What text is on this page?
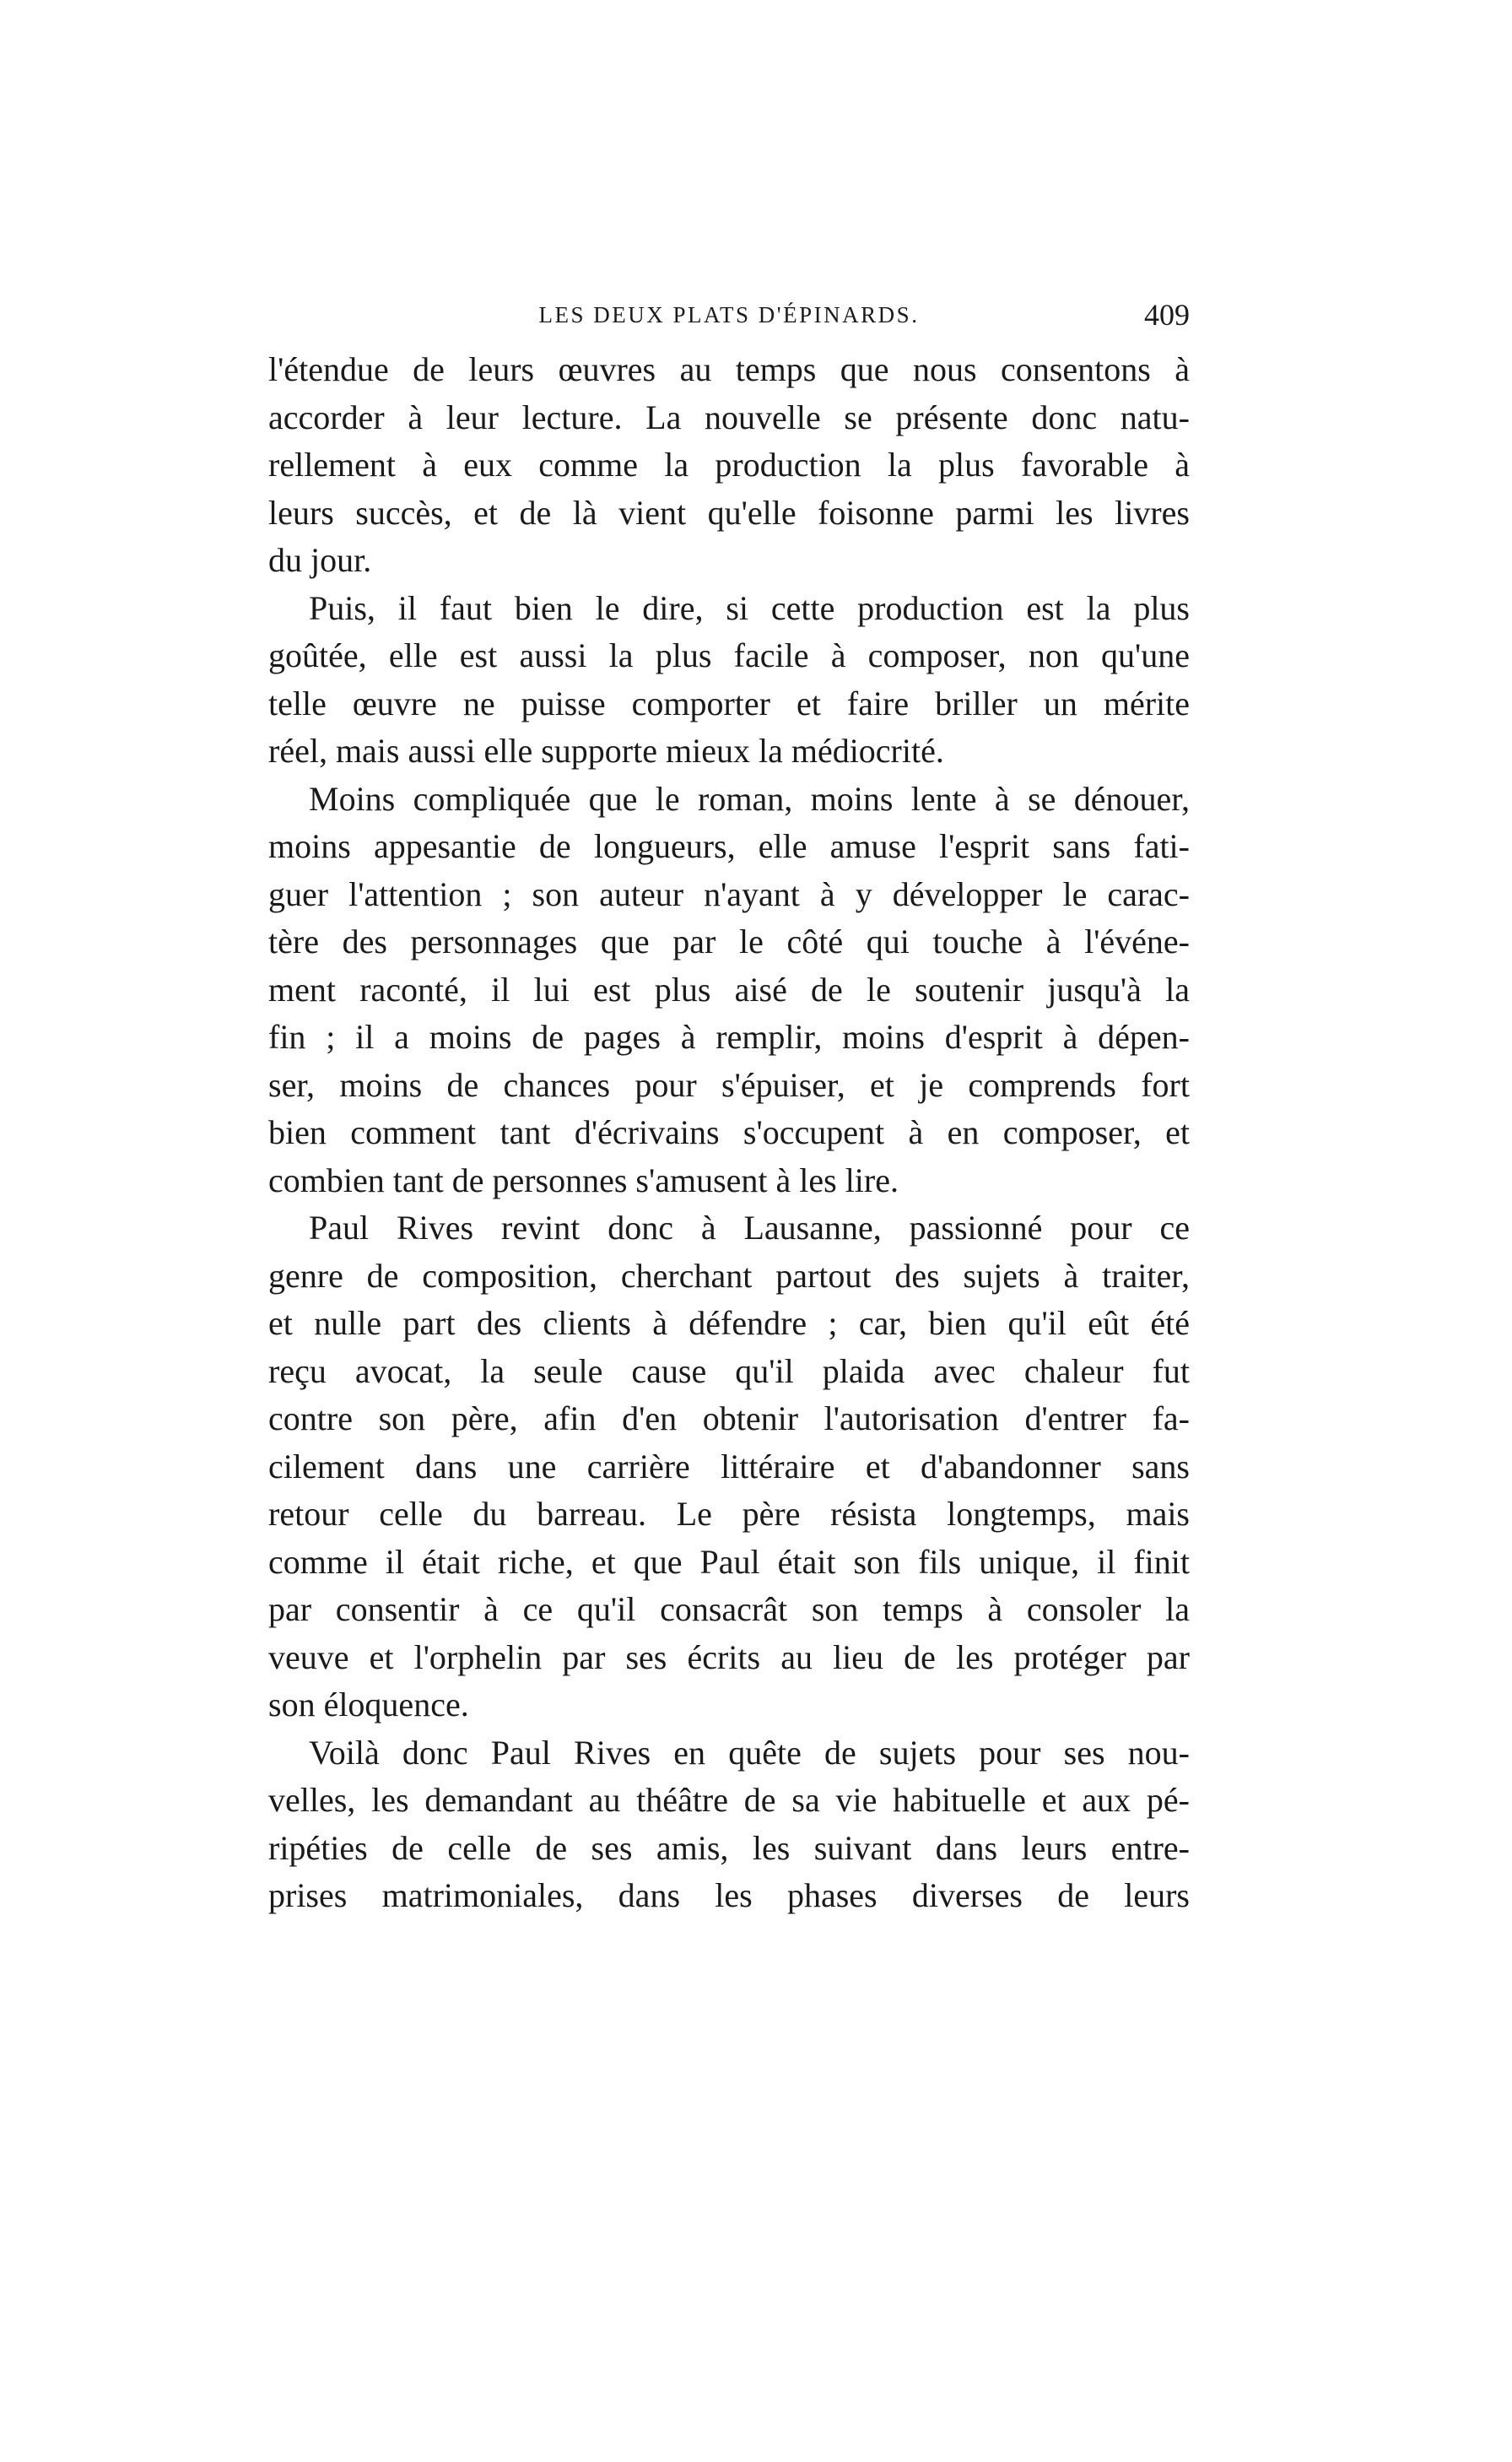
LES DEUX PLATS D'ÉPINARDS.	409
l'étendue de leurs œuvres au temps que nous consentons à
accorder à leur lecture. La nouvelle se présente donc natu-
rellement à eux comme la production la plus favorable à
leurs succès, et de là vient qu'elle foisonne parmi les livres
du jour.
Puis, il faut bien le dire, si cette production est la plus
goûtée, elle est aussi la plus facile à composer, non qu'une
telle œuvre ne puisse comporter et faire briller un mérite
réel, mais aussi elle supporte mieux la médiocrité.
Moins compliquée que le roman, moins lente à se dénouer,
moins appesantie de longueurs, elle amuse l'esprit sans fati-
guer l'attention ; son auteur n'ayant à y développer le carac-
tère des personnages que par le côté qui touche à l'événe-
ment raconté, il lui est plus aisé de le soutenir jusqu'à la
fin ; il a moins de pages à remplir, moins d'esprit à dépen-
ser, moins de chances pour s'épuiser, et je comprends fort
bien comment tant d'écrivains s'occupent à en composer, et
combien tant de personnes s'amusent à les lire.
Paul Rives revint donc à Lausanne, passionné pour ce
genre de composition, cherchant partout des sujets à traiter,
et nulle part des clients à défendre ; car, bien qu'il eût été
reçu avocat, la seule cause qu'il plaida avec chaleur fut
contre son père, afin d'en obtenir l'autorisation d'entrer fa-
cilement dans une carrière littéraire et d'abandonner sans
retour celle du barreau. Le père résista longtemps, mais
comme il était riche, et que Paul était son fils unique, il finit
par consentir à ce qu'il consacrât son temps à consoler la
veuve et l'orphelin par ses écrits au lieu de les protéger par
son éloquence.
Voilà donc Paul Rives en quête de sujets pour ses nou-
velles, les demandant au théâtre de sa vie habituelle et aux pé-
ripéties de celle de ses amis, les suivant dans leurs entre-
prises matrimoniales, dans les phases diverses de leurs
